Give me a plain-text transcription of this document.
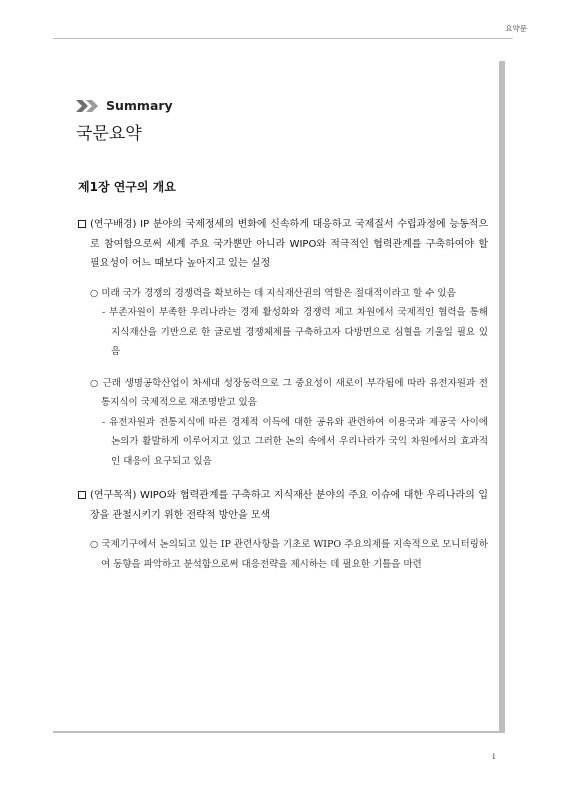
요약문
Summary
국문요약
제1장 연구의 개요
(연구배경) IP 분야의 국제정세의 변화에 신속하게 대응하고 국제질서 수립과정에 능동적으로 참여함으로써 세계 주요 국가뿐만 아니라 WIPO와 적극적인 협력관계를 구축하여야 할 필요성이 어느 때보다 높아지고 있는 실정
○ 미래 국가 경쟁의 경쟁력을 확보하는 데 지식재산권의 역할은 절대적이라고 할 수 있음
- 부존자원이 부족한 우리나라는 경제 활성화와 경쟁력 제고 차원에서 국제적인 협력을 통해 지식재산을 기반으로 한 글로벌 경쟁체제를 구축하고자 다방면으로 심혈을 기울일 필요 있음
○ 근래 생명공학산업이 차세대 성장동력으로 그 중요성이 새로이 부각됨에 따라 유전자원과 전통지식이 국제적으로 재조명받고 있음
- 유전자원과 전통지식에 따른 경제적 이득에 대한 공유와 관련하여 이용국과 제공국 사이에 논의가 활발하게 이루어지고 있고 그러한 논의 속에서 우리나라가 국익 차원에서의 효과적인 대응이 요구되고 있음
(연구목적) WIPO와 협력관계를 구축하고 지식재산 분야의 주요 이슈에 대한 우리나라의 입장을 관철시키기 위한 전략적 방안을 모색
○ 국제기구에서 논의되고 있는 IP 관련사항을 기초로 WIPO 주요의제를 지속적으로 모니터링하여 동향을 파악하고 분석함으로써 대응전략을 제시하는 데 필요한 기틀을 마련
i
